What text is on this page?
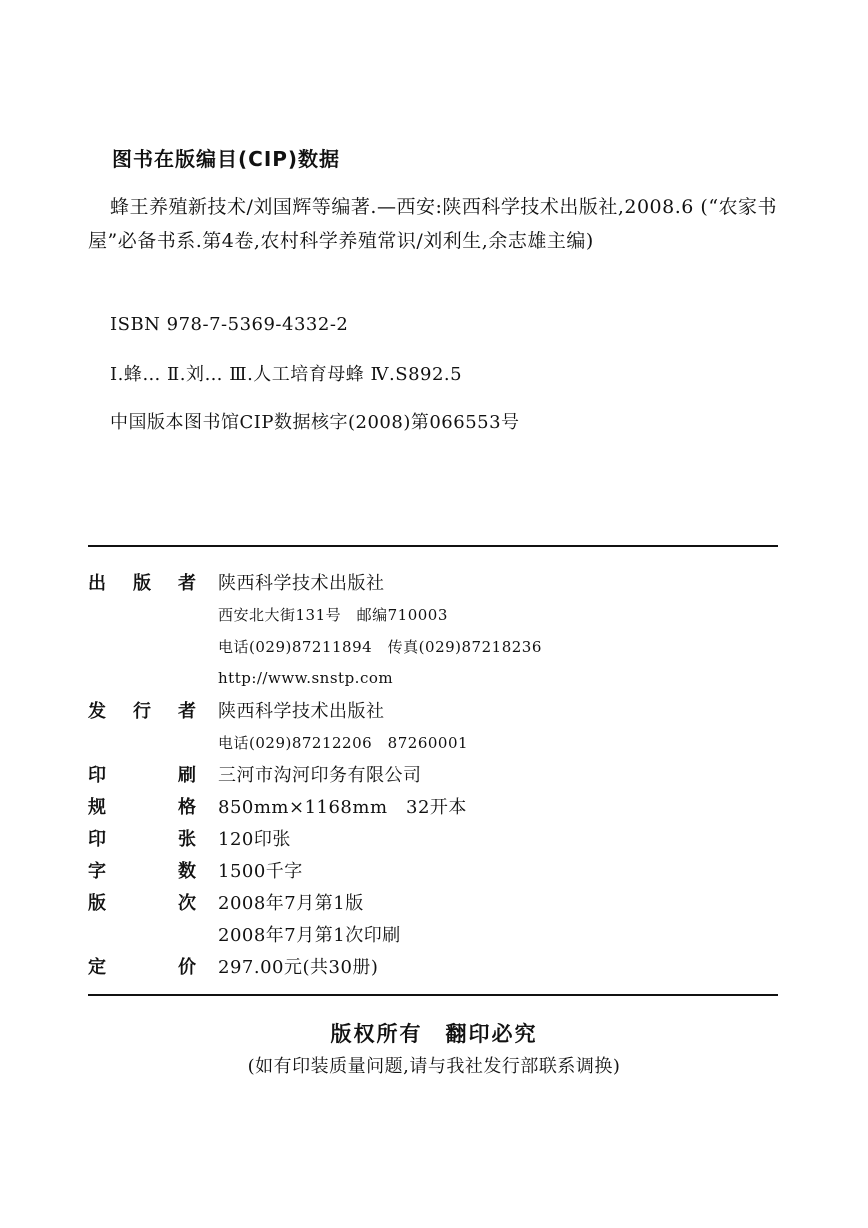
图书在版编目(CIP)数据
蜂王养殖新技术/刘国辉等编著.—西安:陕西科学技术出版社,2008.6 (“农家书屋”必备书系.第4卷,农村科学养殖常识/刘利生,余志雄主编)
ISBN 978-7-5369-4332-2
Ⅰ.蜂… Ⅱ.刘… Ⅲ.人工培育母蜂 Ⅳ.S892.5
中国版本图书馆CIP数据核字(2008)第066553号
出 版 者 陕西科学技术出版社
西安北大街131号　邮编710003
电话(029)87211894　传真(029)87218236
http://www.snstp.com
发 行 者 陕西科学技术出版社
电话(029)87212206　87260001
印	刷 三河市沟河印务有限公司
规	格 850mm×1168mm　32开本
印	张 120印张
字	数 1500千字
版	次 2008年7月第1版
2008年7月第1次印刷
定	价 297.00元(共30册)
版权所有　翻印必究
(如有印装质量问题,请与我社发行部联系调换)
